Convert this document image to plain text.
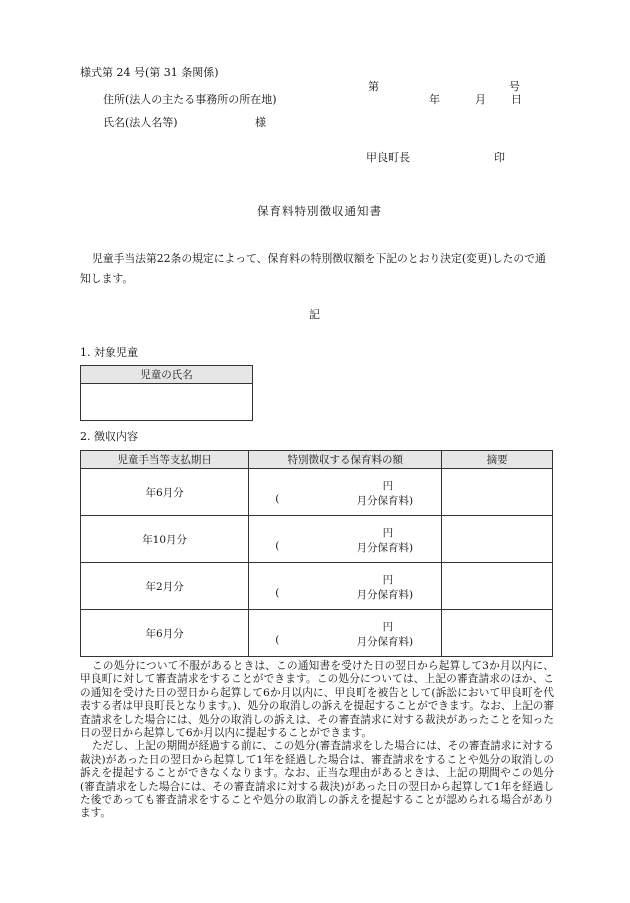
様式第 24 号(第 31 条関係)
第	号
住所(法人の主たる事務所の所在地)	年	月 日
氏名(法人名等)	様
甲良町長	印
保育料特別徴収通知書
児童手当法第22条の規定によって、保育料の特別徴収額を下記のとおり決定(変更)したので通知します。
記
1. 対象児童
児童の氏名

2. 徴収内容
児童手当等支払期日	特別徴収する保育料の額	摘要
年6月分	円
( 月分保育料)	

年10月分	円
( 月分保育料)	

年2月分	円
( 月分保育料)	

年6月分	円
( 月分保育料)	

この処分について不服があるときは、この通知書を受けた日の翌日から起算して3か月以内に、甲良町に対して審査請求をすることができます。この処分については、上記の審査請求のほか、この通知を受けた日の翌日から起算して6か月以内に、甲良町を被告として(訴訟において甲良町を代表する者は甲良町長となります。)、処分の取消しの訴えを提起することができます。なお、上記の審査請求をした場合には、処分の取消しの訴えは、その審査請求に対する裁決があったことを知った日の翌日から起算して6か月以内に提起することができます。

ただし、上記の期間が経過する前に、この処分(審査請求をした場合には、その審査請求に対する裁決)があった日の翌日から起算して1年を経過した場合は、審査請求をすることや処分の取消しの訴えを提起することができなくなります。なお、正当な理由があるときは、上記の期間やこの処分(審査請求をした場合には、その審査請求に対する裁決)があった日の翌日から起算して1年を経過した後であっても審査請求をすることや処分の取消しの訴えを提起することが認められる場合があります。
